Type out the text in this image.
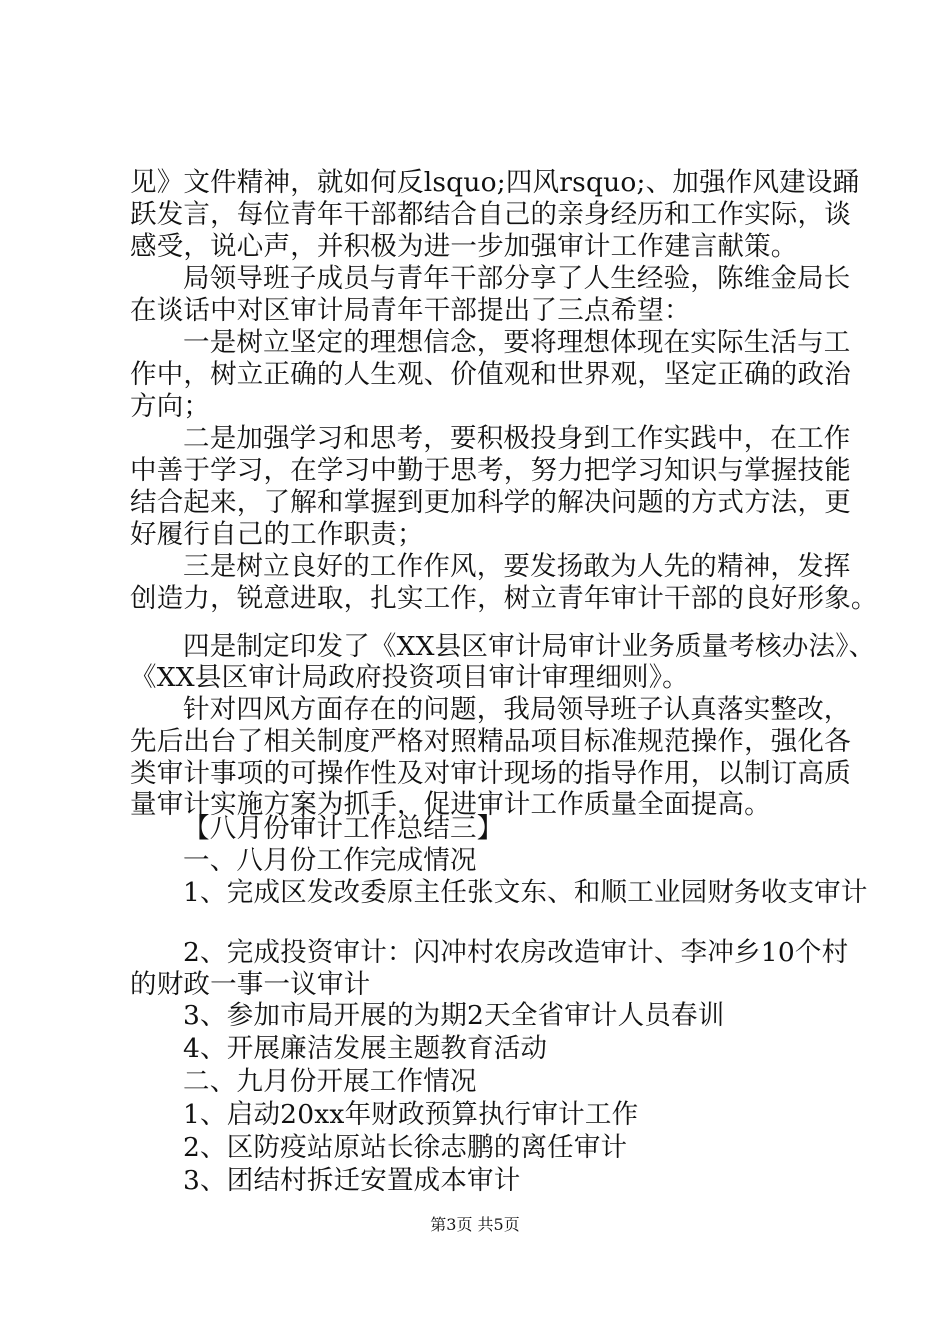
见》文件精神，就如何反lsquo;四风rsquo;、加强作风建设踊
跃发言，每位青年干部都结合自己的亲身经历和工作实际，谈
感受，说心声，并积极为进一步加强审计工作建言献策。
局领导班子成员与青年干部分享了人生经验，陈维金局长
在谈话中对区审计局青年干部提出了三点希望：
一是树立坚定的理想信念，要将理想体现在实际生活与工
作中，树立正确的人生观、价值观和世界观，坚定正确的政治
方向；
二是加强学习和思考，要积极投身到工作实践中，在工作
中善于学习，在学习中勤于思考，努力把学习知识与掌握技能
结合起来，了解和掌握到更加科学的解决问题的方式方法，更
好履行自己的工作职责；
三是树立良好的工作作风，要发扬敢为人先的精神，发挥
创造力，锐意进取，扎实工作，树立青年审计干部的良好形象。
四是制定印发了《XX县区审计局审计业务质量考核办法》、
《XX县区审计局政府投资项目审计审理细则》。
针对四风方面存在的问题，我局领导班子认真落实整改，
先后出台了相关制度严格对照精品项目标准规范操作，强化各
类审计事项的可操作性及对审计现场的指导作用，以制订高质
量审计实施方案为抓手，促进审计工作质量全面提高。
【八月份审计工作总结三】
一、八月份工作完成情况
1、完成区发改委原主任张文东、和顺工业园财务收支审计
2、完成投资审计：闪冲村农房改造审计、李冲乡10个村
的财政一事一议审计
3、参加市局开展的为期2天全省审计人员春训
4、开展廉洁发展主题教育活动
二、九月份开展工作情况
1、启动20xx年财政预算执行审计工作
第3页 共5页
2、区防疫站原站长徐志鹏的离任审计
3、团结村拆迁安置成本审计
